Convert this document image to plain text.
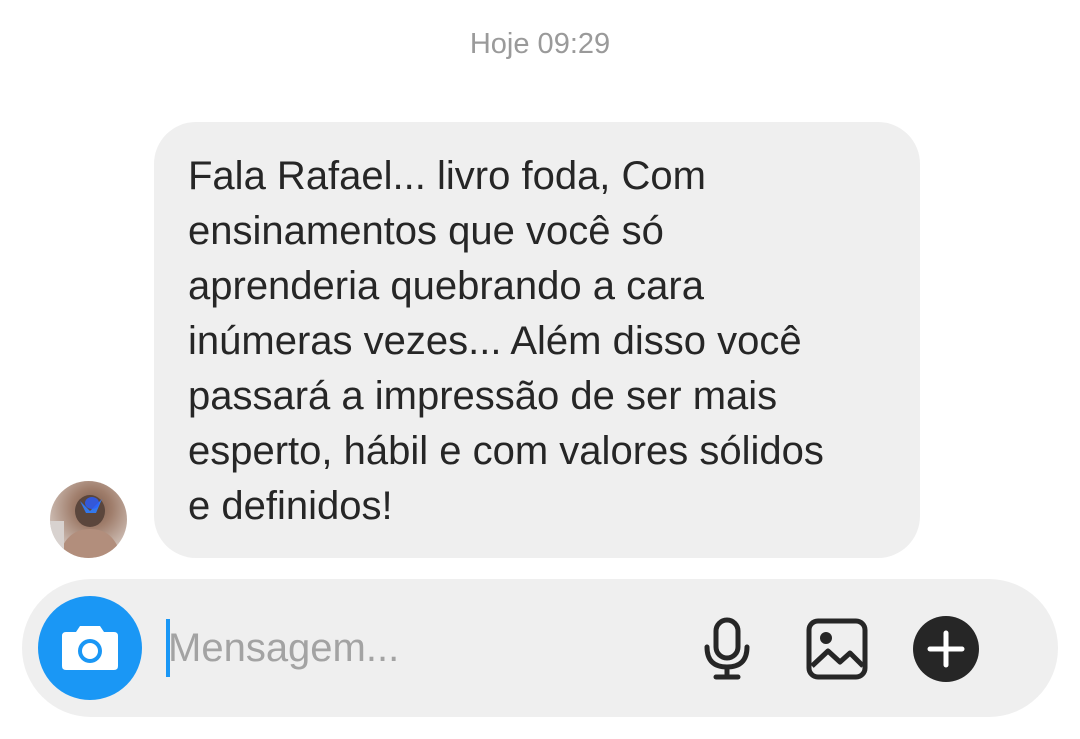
Hoje 09:29
Fala Rafael... livro foda, Com
ensinamentos que você só
aprenderia quebrando a cara
inúmeras vezes... Além disso você
passará a impressão de ser mais
esperto, hábil e com valores sólidos
e definidos!
Mensagem...
